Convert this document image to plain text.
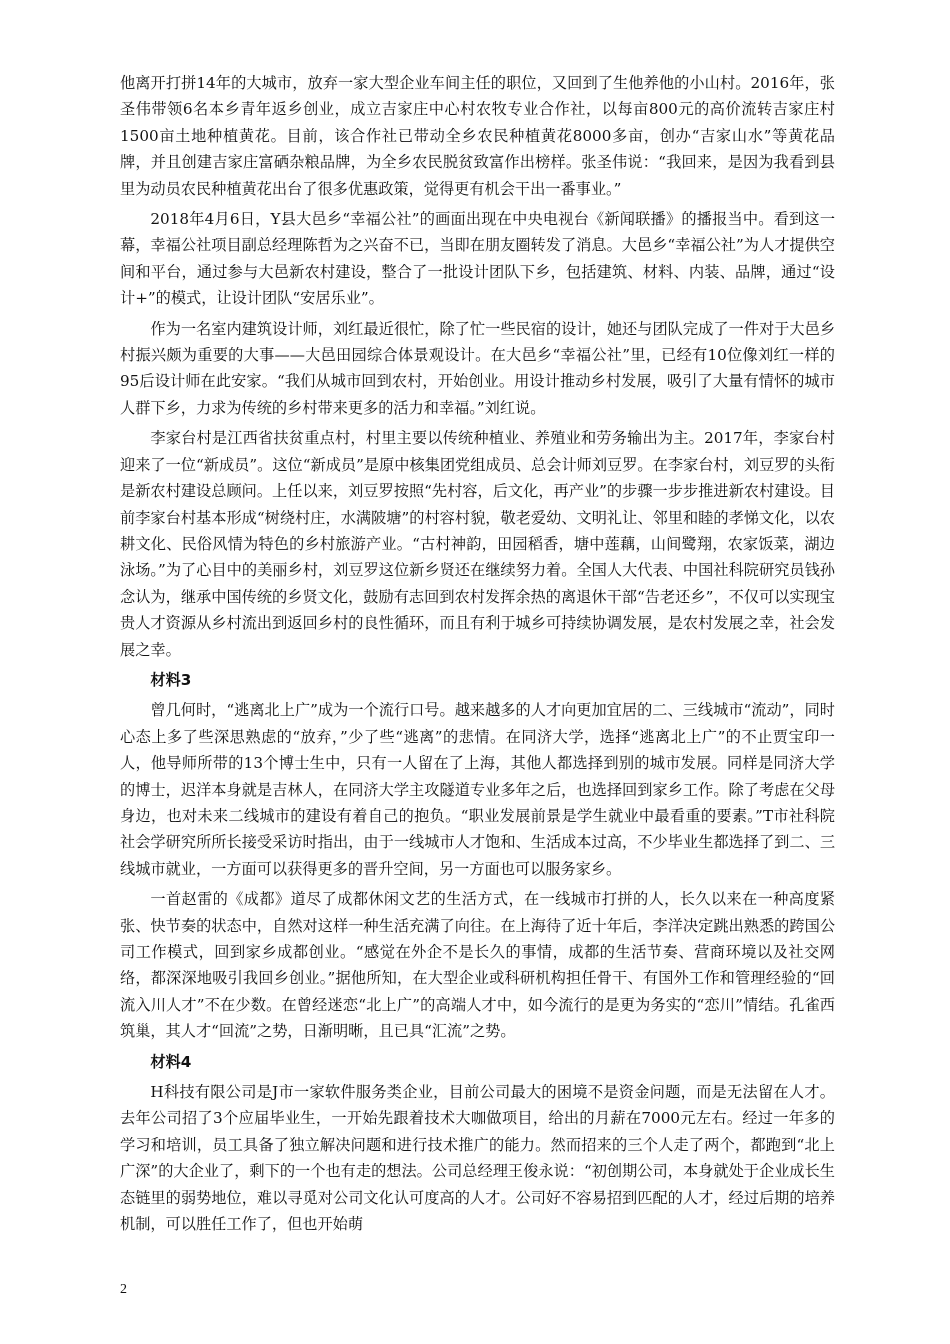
他离开打拼14年的大城市，放弃一家大型企业车间主任的职位，又回到了生他养他的小山村。2016年，张圣伟带领6名本乡青年返乡创业，成立吉家庄中心村农牧专业合作社，以每亩800元的高价流转吉家庄村1500亩土地种植黄花。目前，该合作社已带动全乡农民种植黄花8000多亩，创办“吉家山水”等黄花品牌，并且创建吉家庄富硒杂粮品牌，为全乡农民脱贫致富作出榜样。张圣伟说：“我回来，是因为我看到县里为动员农民种植黄花出台了很多优惠政策，觉得更有机会干出一番事业。”

2018年4月6日，Y县大邑乡“幸福公社”的画面出现在中央电视台《新闻联播》的播报当中。看到这一幕，幸福公社项目副总经理陈哲为之兴奋不已，当即在朋友圈转发了消息。大邑乡“幸福公社”为人才提供空间和平台，通过参与大邑新农村建设，整合了一批设计团队下乡，包括建筑、材料、内装、品牌，通过“设计+”的模式，让设计团队“安居乐业”。

作为一名室内建筑设计师，刘红最近很忙，除了忙一些民宿的设计，她还与团队完成了一件对于大邑乡村振兴颇为重要的大事——大邑田园综合体景观设计。在大邑乡“幸福公社”里，已经有10位像刘红一样的95后设计师在此安家。“我们从城市回到农村，开始创业。用设计推动乡村发展，吸引了大量有情怀的城市人群下乡，力求为传统的乡村带来更多的活力和幸福。”刘红说。

李家台村是江西省扶贫重点村，村里主要以传统种植业、养殖业和劳务输出为主。2017年，李家台村迎来了一位“新成员”。这位“新成员”是原中核集团党组成员、总会计师刘豆罗。在李家台村，刘豆罗的头衔是新农村建设总顾问。上任以来，刘豆罗按照“先村容，后文化，再产业”的步骤一步步推进新农村建设。目前李家台村基本形成“树绕村庄，水满陂塘”的村容村貌，敬老爱幼、文明礼让、邻里和睦的孝悌文化，以农耕文化、民俗风情为特色的乡村旅游产业。“古村神韵，田园稻香，塘中莲藕，山间鹭翔，农家饭菜，湖边泳场。”为了心目中的美丽乡村，刘豆罗这位新乡贤还在继续努力着。全国人大代表、中国社科院研究员钱孙念认为，继承中国传统的乡贤文化，鼓励有志回到农村发挥余热的离退休干部“告老还乡”，不仅可以实现宝贵人才资源从乡村流出到返回乡村的良性循环，而且有利于城乡可持续协调发展，是农村发展之幸，社会发展之幸。

材料3

曾几何时，“逃离北上广”成为一个流行口号。越来越多的人才向更加宜居的二、三线城市“流动”，同时心态上多了些深思熟虑的“放弃，”少了些“逃离”的悲情。在同济大学，选择“逃离北上广”的不止贾宝印一人，他导师所带的13个博士生中，只有一人留在了上海，其他人都选择到别的城市发展。同样是同济大学的博士，迟洋本身就是吉林人，在同济大学主攻隧道专业多年之后，也选择回到家乡工作。除了考虑在父母身边，也对未来二线城市的建设有着自己的抱负。“职业发展前景是学生就业中最看重的要素。”T市社科院社会学研究所所长接受采访时指出，由于一线城市人才饱和、生活成本过高，不少毕业生都选择了到二、三线城市就业，一方面可以获得更多的晋升空间，另一方面也可以服务家乡。

一首赵雷的《成都》道尽了成都休闲文艺的生活方式，在一线城市打拼的人，长久以来在一种高度紧张、快节奏的状态中，自然对这样一种生活充满了向往。在上海待了近十年后，李洋决定跳出熟悉的跨国公司工作模式，回到家乡成都创业。“感觉在外企不是长久的事情，成都的生活节奏、营商环境以及社交网络，都深深地吸引我回乡创业。”据他所知，在大型企业或科研机构担任骨干、有国外工作和管理经验的“回流入川人才”不在少数。在曾经迷恋“北上广”的高端人才中，如今流行的是更为务实的“恋川”情结。孔雀西筑巢，其人才“回流”之势，日渐明晰，且已具“汇流”之势。

材料4

H科技有限公司是J市一家软件服务类企业，目前公司最大的困境不是资金问题，而是无法留在人才。去年公司招了3个应届毕业生，一开始先跟着技术大咖做项目，给出的月薪在7000元左右。经过一年多的学习和培训，员工具备了独立解决问题和进行技术推广的能力。然而招来的三个人走了两个，都跑到“北上广深”的大企业了，剩下的一个也有走的想法。公司总经理王俊永说：“初创期公司，本身就处于企业成长生态链里的弱势地位，难以寻觅对公司文化认可度高的人才。公司好不容易招到匹配的人才，经过后期的培养机制，可以胜任工作了，但也开始萌

2
